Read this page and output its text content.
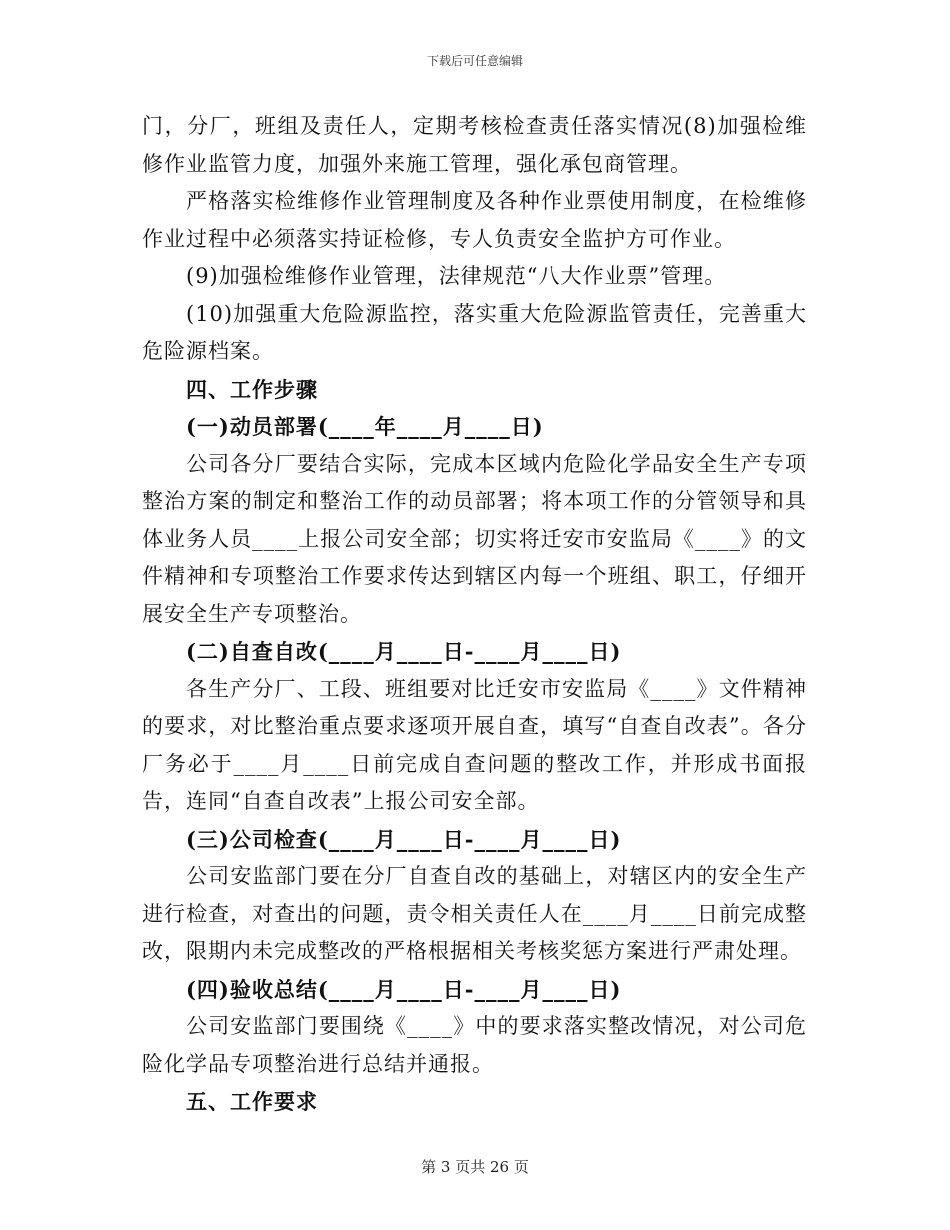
下载后可任意编辑

门，分厂，班组及责任人，定期考核检查责任落实情况(8)加强检维修作业监管力度，加强外来施工管理，强化承包商管理。

严格落实检维修作业管理制度及各种作业票使用制度，在检维修作业过程中必须落实持证检修，专人负责安全监护方可作业。

(9)加强检维修作业管理，法律规范“八大作业票”管理。

(10)加强重大危险源监控，落实重大危险源监管责任，完善重大危险源档案。

四、工作步骤

(一)动员部署(____年____月____日)

公司各分厂要结合实际，完成本区域内危险化学品安全生产专项整治方案的制定和整治工作的动员部署；将本项工作的分管领导和具体业务人员____上报公司安全部；切实将迁安市安监局《____》的文件精神和专项整治工作要求传达到辖区内每一个班组、职工，仔细开展安全生产专项整治。

(二)自查自改(____月____日-____月____日)

各生产分厂、工段、班组要对比迁安市安监局《____》文件精神的要求，对比整治重点要求逐项开展自查，填写“自查自改表”。各分厂务必于____月____日前完成自查问题的整改工作，并形成书面报告，连同“自查自改表”上报公司安全部。

(三)公司检查(____月____日-____月____日)

公司安监部门要在分厂自查自改的基础上，对辖区内的安全生产进行检查，对查出的问题，责令相关责任人在____月____日前完成整改，限期内未完成整改的严格根据相关考核奖惩方案进行严肃处理。

(四)验收总结(____月____日-____月____日)

公司安监部门要围绕《____》中的要求落实整改情况，对公司危险化学品专项整治进行总结并通报。

五、工作要求

第 3 页共 26 页
